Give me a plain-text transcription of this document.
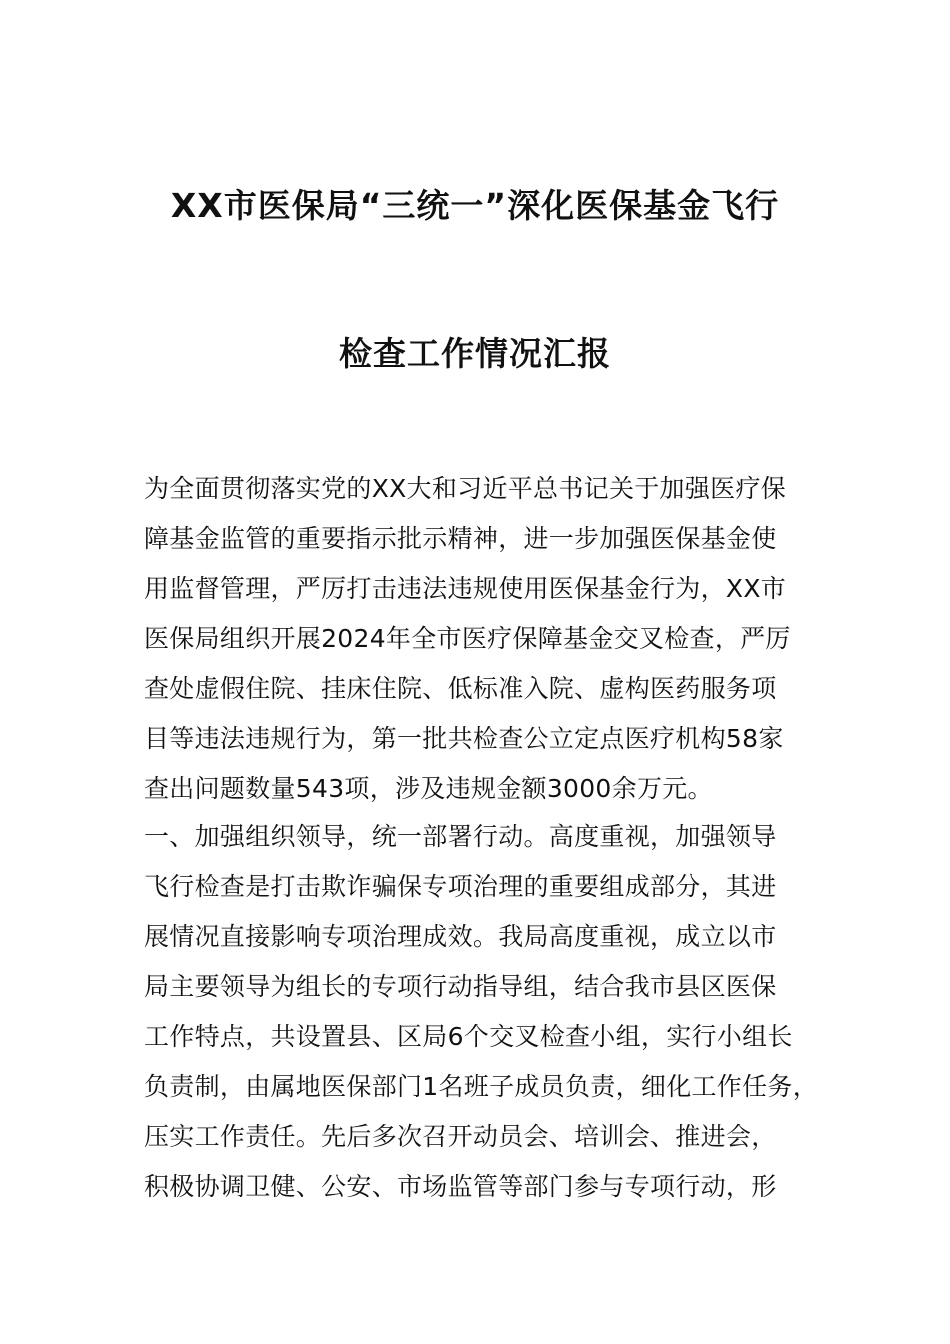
XX市医保局“三统一”深化医保基金飞行
检查工作情况汇报
为全面贯彻落实党的XX大和习近平总书记关于加强医疗保
障基金监管的重要指示批示精神，进一步加强医保基金使
用监督管理，严厉打击违法违规使用医保基金行为，XX市
医保局组织开展2024年全市医疗保障基金交叉检查，严厉
查处虚假住院、挂床住院、低标准入院、虚构医药服务项
目等违法违规行为，第一批共检查公立定点医疗机构58家
查出问题数量543项，涉及违规金额3000余万元。
一、加强组织领导，统一部署行动。高度重视，加强领导
飞行检查是打击欺诈骗保专项治理的重要组成部分，其进
展情况直接影响专项治理成效。我局高度重视，成立以市
局主要领导为组长的专项行动指导组，结合我市县区医保
工作特点，共设置县、区局6个交叉检查小组，实行小组长
负责制，由属地医保部门1名班子成员负责，细化工作任务，
压实工作责任。先后多次召开动员会、培训会、推进会，
积极协调卫健、公安、市场监管等部门参与专项行动，形
